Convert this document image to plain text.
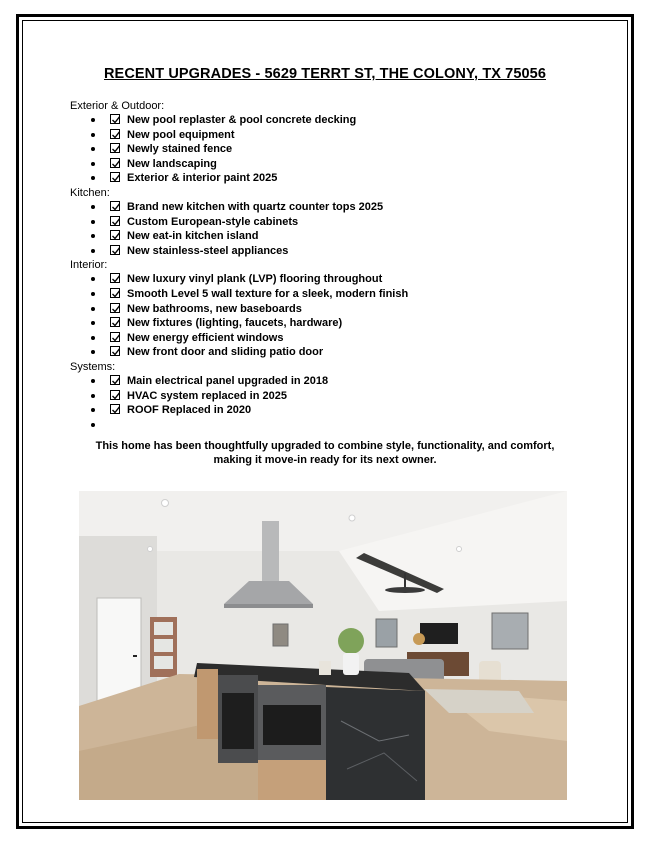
RECENT UPGRADES - 5629 TERRT ST, THE COLONY, TX 75056
Exterior & Outdoor:
New pool replaster & pool concrete decking
New pool equipment
Newly stained fence
New landscaping
Exterior & interior paint 2025
Kitchen:
Brand new kitchen with quartz counter tops 2025
Custom European-style cabinets
New eat-in kitchen island
New stainless-steel appliances
Interior:
New luxury vinyl plank (LVP) flooring throughout
Smooth Level 5 wall texture for a sleek, modern finish
New bathrooms, new baseboards
New fixtures (lighting, faucets, hardware)
New energy efficient windows
New front door and sliding patio door
Systems:
Main electrical panel upgraded in 2018
HVAC system replaced in 2025
ROOF Replaced in 2020
This home has been thoughtfully upgraded to combine style, functionality, and comfort,
making it move-in ready for its next owner.
